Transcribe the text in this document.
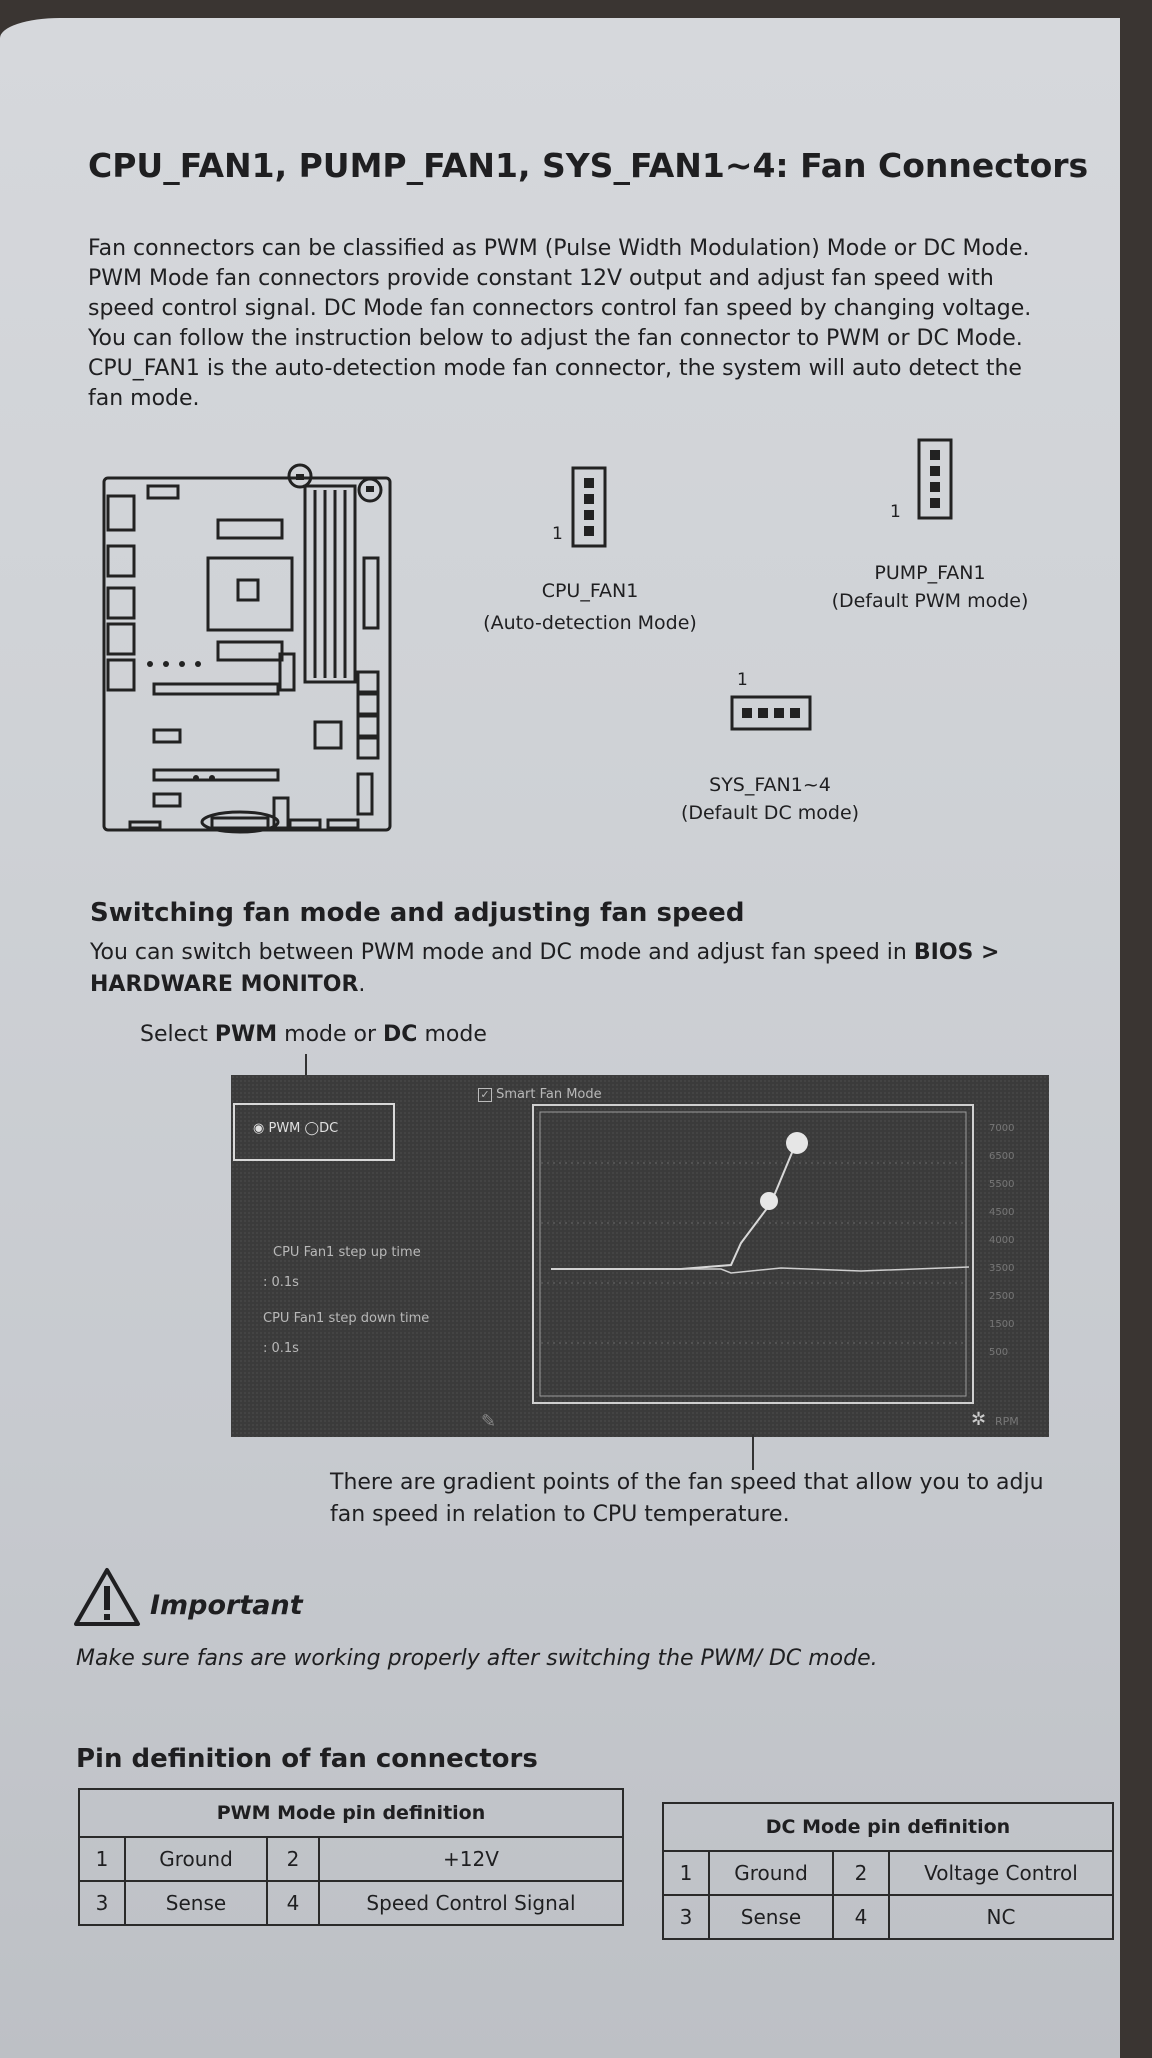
CPU_FAN1, PUMP_FAN1, SYS_FAN1~4: Fan Connectors

Fan connectors can be classified as PWM (Pulse Width Modulation) Mode or DC Mode.
PWM Mode fan connectors provide constant 12V output and adjust fan speed with
speed control signal. DC Mode fan connectors control fan speed by changing voltage.
You can follow the instruction below to adjust the fan connector to PWM or DC Mode.
CPU_FAN1 is the auto-detection mode fan connector, the system will auto detect the
fan mode.

1
CPU_FAN1
(Auto-detection Mode)
1
PUMP_FAN1
(Default PWM mode)
1
SYS_FAN1~4
(Default DC mode)
Switching fan mode and adjusting fan speed
You can switch between PWM mode and DC mode and adjust fan speed in BIOS >
HARDWARE MONITOR.
Select PWM mode or DC mode
✓ Smart Fan Mode
◉ PWM ◯DC
CPU Fan1 step up time
: 0.1s
CPU Fan1 step down time
: 0.1s
7000
6500
5500
4500
4000
3500
2500
1500
500
✎	✲ RPM
There are gradient points of the fan speed that allow you to adju
fan speed in relation to CPU temperature.
Important
Make sure fans are working properly after switching the PWM/ DC mode.
Pin definition of fan connectors
PWM Mode pin definition			
1	Ground	2	+12V
3	Sense	4	Speed Control Signal
DC Mode pin definition			
1	Ground	2	Voltage Control
3	Sense	4	NC
